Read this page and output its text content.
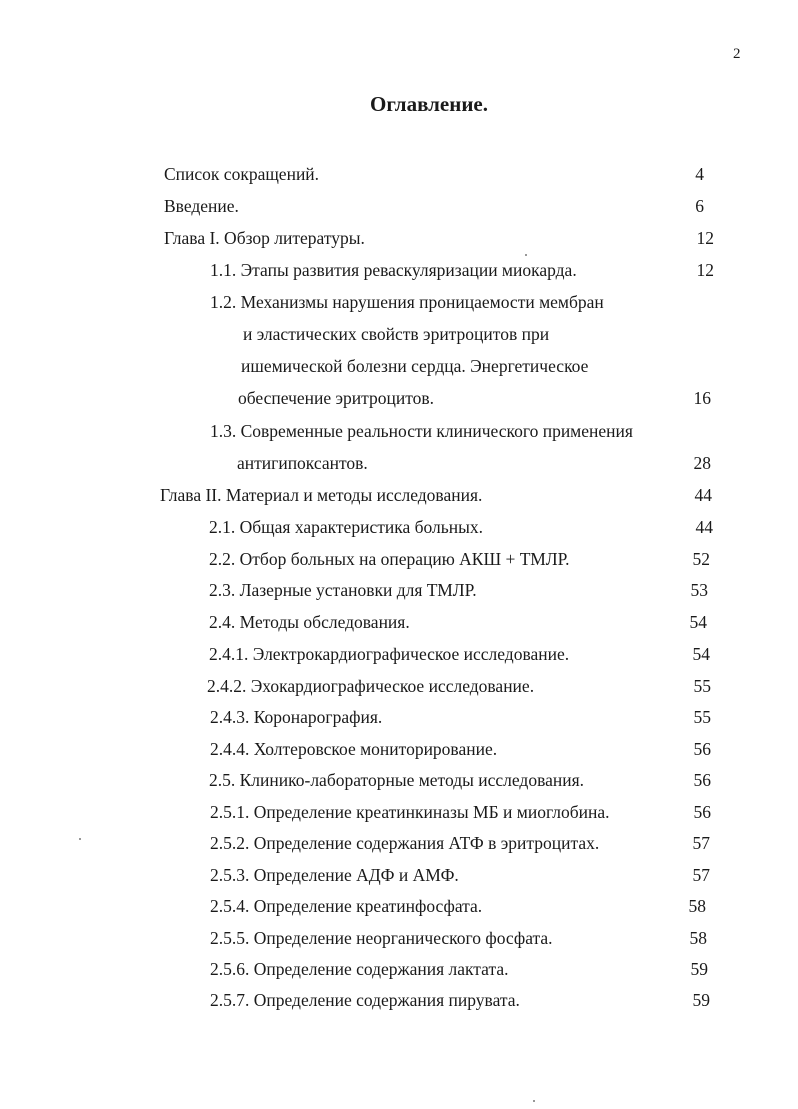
2
Оглавление.
Список сокращений.	4
Введение.	6
Глава I. Обзор литературы.	12
1.1. Этапы развития реваскуляризации миокарда.	12
1.2. Механизмы нарушения проницаемости мембран
и эластических свойств эритроцитов при
ишемической болезни сердца. Энергетическое
обеспечение эритроцитов.	16
1.3. Современные реальности клинического применения
антигипоксантов.	28
Глава II. Материал и методы исследования.	44
2.1. Общая характеристика больных.	44
2.2. Отбор больных на операцию АКШ + ТМЛР.	52
2.3. Лазерные установки для ТМЛР.	53
2.4. Методы обследования.	54
2.4.1. Электрокардиографическое исследование.	54
2.4.2. Эхокардиографическое исследование.	55
2.4.3. Коронарография.	55
2.4.4. Холтеровское мониторирование.	56
2.5. Клинико-лабораторные методы исследования.	56
2.5.1. Определение креатинкиназы МБ и миоглобина.	56
2.5.2. Определение содержания АТФ в эритроцитах.	57
2.5.3. Определение АДФ и АМФ.	57
2.5.4. Определение креатинфосфата.	58
2.5.5. Определение неорганического фосфата.	58
2.5.6. Определение содержания лактата.	59
2.5.7. Определение содержания пирувата.	59
